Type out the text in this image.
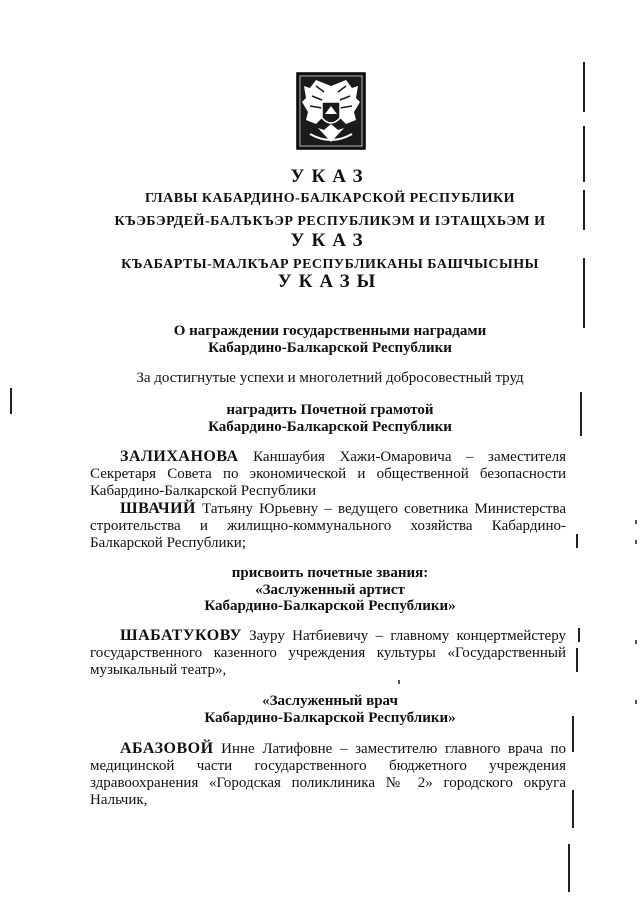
УКАЗ
ГЛАВЫ КАБАРДИНО-БАЛКАРСКОЙ РЕСПУБЛИКИ
КЪЭБЭРДЕЙ-БАЛЪКЪЭР РЕСПУБЛИКЭМ И ІЭТАЩХЬЭМ И
УКАЗ
КЪАБАРТЫ-МАЛКЪАР РЕСПУБЛИКАНЫ БАШЧЫСЫНЫ
УКАЗЫ
О награждении государственными наградами
Кабардино-Балкарской Республики
За достигнутые успехи и многолетний добросовестный труд
наградить Почетной грамотой
Кабардино-Балкарской Республики
ЗАЛИХАНОВА Каншаубия Хажи-Омаровича – заместителя Секретаря Совета по экономической и общественной безопасности Кабардино-Балкарской Республики
ШВАЧИЙ Татьяну Юрьевну – ведущего советника Министерства строительства и жилищно-коммунального хозяйства Кабардино-Балкарской Республики;
присвоить почетные звания:
«Заслуженный артист
Кабардино-Балкарской Республики»
ШАБАТУКОВУ Зауру Натбиевичу – главному концертмейстеру государственного казенного учреждения культуры «Государственный музыкальный театр»,
«Заслуженный врач
Кабардино-Балкарской Республики»
АБАЗОВОЙ Инне Латифовне – заместителю главного врача по медицинской части государственного бюджетного учреждения здравоохранения «Городская поликлиника № 2» городского округа Нальчик,
